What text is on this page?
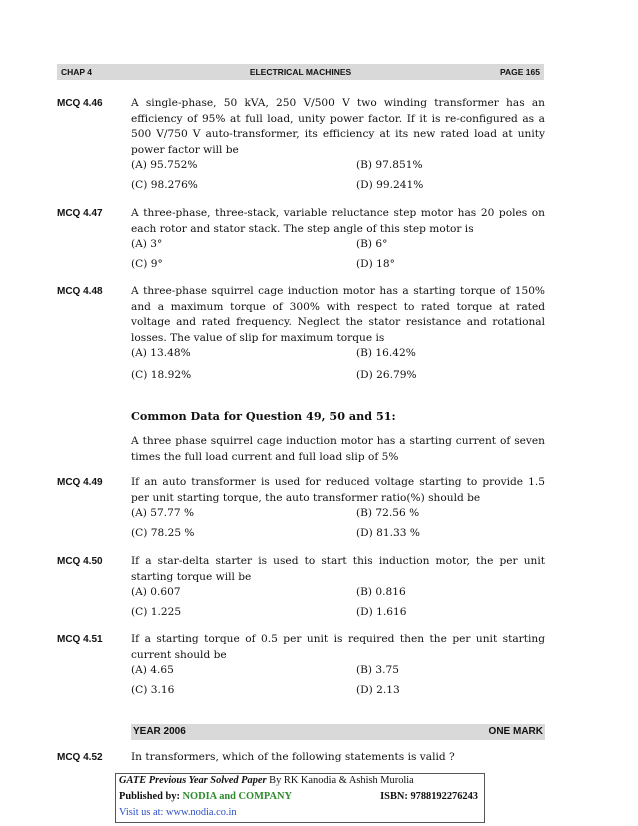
CHAP 4	ELECTRICAL MACHINES	PAGE 165
MCQ 4.46	A single-phase, 50 kVA, 250 V/500 V two winding transformer has an efficiency of 95% at full load, unity power factor. If it is re-configured as a 500 V/750 V auto-transformer, its efficiency at its new rated load at unity power factor will be
(A) 95.752%	(B) 97.851%
(C) 98.276%	(D) 99.241%
MCQ 4.47	A three-phase, three-stack, variable reluctance step motor has 20 poles on each rotor and stator stack. The step angle of this step motor is
(A) 3°	(B) 6°
(C) 9°	(D) 18°
MCQ 4.48	A three-phase squirrel cage induction motor has a starting torque of 150% and a maximum torque of 300% with respect to rated torque at rated voltage and rated frequency. Neglect the stator resistance and rotational losses. The value of slip for maximum torque is
(A) 13.48%	(B) 16.42%
(C) 18.92%	(D) 26.79%
Common Data for Question 49, 50 and 51:
A three phase squirrel cage induction motor has a starting current of seven times the full load current and full load slip of 5%
MCQ 4.49	If an auto transformer is used for reduced voltage starting to provide 1.5 per unit starting torque, the auto transformer ratio(%) should be
(A) 57.77 %	(B) 72.56 %
(C) 78.25 %	(D) 81.33 %
MCQ 4.50	If a star-delta starter is used to start this induction motor, the per unit starting torque will be
(A) 0.607	(B) 0.816
(C) 1.225	(D) 1.616
MCQ 4.51	If a starting torque of 0.5 per unit is required then the per unit starting current should be
(A) 4.65	(B) 3.75
(C) 3.16	(D) 2.13
YEAR 2006	ONE MARK
MCQ 4.52	In transformers, which of the following statements is valid ?
GATE Previous Year Solved Paper By RK Kanodia & Ashish Murolia
Published by: NODIA and COMPANY	ISBN: 9788192276243
Visit us at: www.nodia.co.in
